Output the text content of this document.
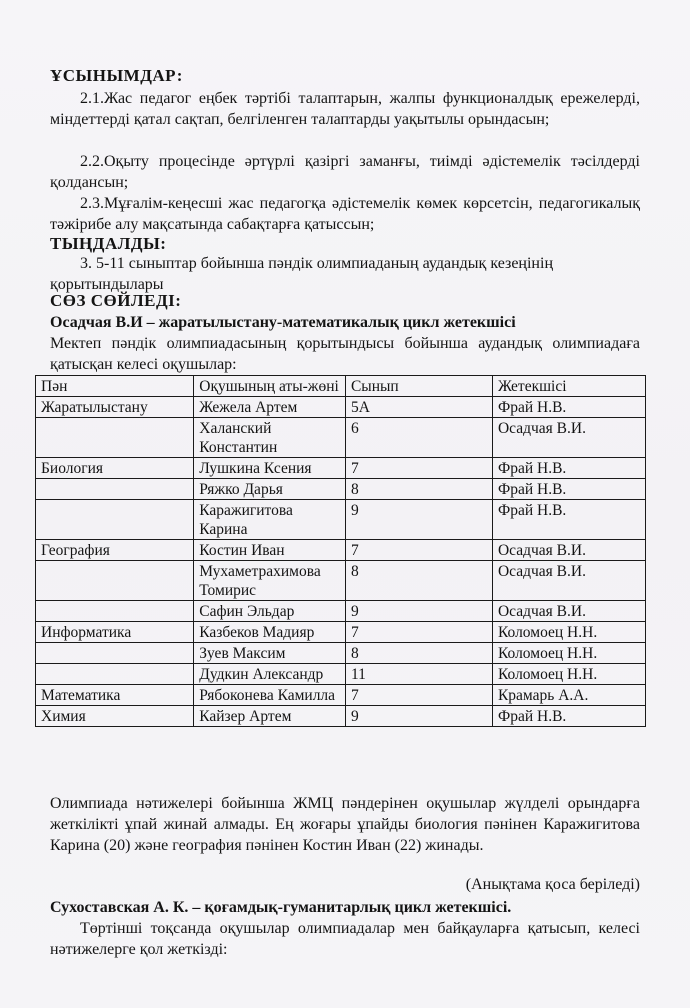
ҰСЫНЫМДАР:
2.1.Жас педагог еңбек тәртібі талаптарын, жалпы функционалдық ережелерді, міндеттерді қатал сақтап, белгіленген талаптарды уақытылы орындасын;
2.2.Оқыту процесінде әртүрлі қазіргі заманғы, тиімді әдістемелік тәсілдерді қолдансын;
2.3.Мұғалім-кеңесші жас педагогқа әдістемелік көмек көрсетсін, педагогикалық тәжірибе алу мақсатында сабақтарға қатыссын;
ТЫҢДАЛДЫ:
3. 5-11 сыныптар бойынша пәндік олимпиаданың аудандық кезеңінің қорытындылары
СӨЗ СӨЙЛЕДІ:
Осадчая В.И – жаратылыстану-математикалық цикл жетекшісі
Мектеп пәндік олимпиадасының қорытындысы бойынша аудандық олимпиадаға қатысқан келесі оқушылар:
Пән	Оқушының аты-жөні	Сынып	Жетекшісі
Жаратылыстану	Жежела Артем	5А	Фрай Н.В.
	Халанский Константин	6	Осадчая В.И.
Биология	Лушкина Ксения	7	Фрай Н.В.
	Ряжко Дарья	8	Фрай Н.В.
	Каражигитова Карина	9	Фрай Н.В.
География	Костин Иван	7	Осадчая В.И.
	Мухаметрахимова Томирис	8	Осадчая В.И.
	Сафин Эльдар	9	Осадчая В.И.
Информатика	Казбеков Мадияр	7	Коломоец Н.Н.
	Зуев Максим	8	Коломоец Н.Н.
	Дудкин Александр	11	Коломоец Н.Н.
Математика	Рябоконева Камилла	7	Крамарь А.А.
Химия	Кайзер Артем	9	Фрай Н.В.
Олимпиада нәтижелері бойынша ЖМЦ пәндерінен оқушылар жүлделі орындарға жеткілікті ұпай жинай алмады. Ең жоғары ұпайды биология пәнінен Каражигитова Карина (20) және география пәнінен Костин Иван (22) жинады.
(Анықтама қоса беріледі)
Сухоставская А. К. – қоғамдық-гуманитарлық цикл жетекшісі.
Төртінші тоқсанда оқушылар олимпиадалар мен байқауларға қатысып, келесі нәтижелерге қол жеткізді:
